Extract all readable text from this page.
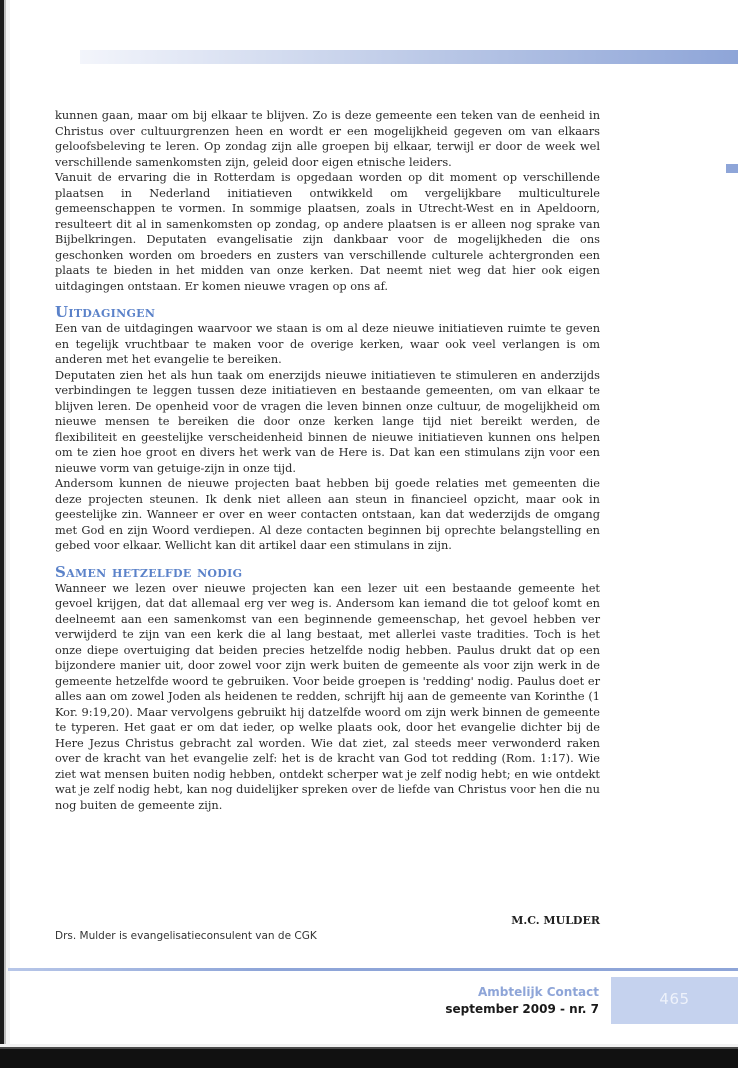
kunnen gaan, maar om bij elkaar te blijven. Zo is deze gemeente een teken van de eenheid in Christus over cultuurgrenzen heen en wordt er een mogelijkheid gegeven om van elkaars geloofsbeleving te leren. Op zondag zijn alle groepen bij elkaar, terwijl er door de week wel verschillende samenkomsten zijn, geleid door eigen etnische leiders.

Vanuit de ervaring die in Rotterdam is opgedaan worden op dit moment op verschillende plaatsen in Nederland initiatieven ontwikkeld om vergelijkbare multiculturele gemeenschappen te vormen. In sommige plaatsen, zoals in Utrecht-West en in Apeldoorn, resulteert dit al in samenkomsten op zondag, op andere plaatsen is er alleen nog sprake van Bijbelkringen. Deputaten evangelisatie zijn dankbaar voor de mogelijkheden die ons geschonken worden om broeders en zusters van verschillende culturele achtergronden een plaats te bieden in het midden van onze kerken. Dat neemt niet weg dat hier ook eigen uitdagingen ontstaan. Er komen nieuwe vragen op ons af.

Uitdagingen

Een van de uitdagingen waarvoor we staan is om al deze nieuwe initiatieven ruimte te geven en tegelijk vruchtbaar te maken voor de overige kerken, waar ook veel verlangen is om anderen met het evangelie te bereiken.

Deputaten zien het als hun taak om enerzijds nieuwe initiatieven te stimuleren en anderzijds verbindingen te leggen tussen deze initiatieven en bestaande gemeenten, om van elkaar te blijven leren. De openheid voor de vragen die leven binnen onze cultuur, de mogelijkheid om nieuwe mensen te bereiken die door onze kerken lange tijd niet bereikt werden, de flexibiliteit en geestelijke verscheidenheid binnen de nieuwe initiatieven kunnen ons helpen om te zien hoe groot en divers het werk van de Here is. Dat kan een stimulans zijn voor een nieuwe vorm van getuige-zijn in onze tijd.

Andersom kunnen de nieuwe projecten baat hebben bij goede relaties met gemeenten die deze projecten steunen. Ik denk niet alleen aan steun in financieel opzicht, maar ook in geestelijke zin. Wanneer er over en weer contacten ontstaan, kan dat wederzijds de omgang met God en zijn Woord verdiepen. Al deze contacten beginnen bij oprechte belangstelling en gebed voor elkaar. Wellicht kan dit artikel daar een stimulans in zijn.

Samen hetzelfde nodig

Wanneer we lezen over nieuwe projecten kan een lezer uit een bestaande gemeente het gevoel krijgen, dat dat allemaal erg ver weg is. Andersom kan iemand die tot geloof komt en deelneemt aan een samenkomst van een beginnende gemeenschap, het gevoel hebben ver verwijderd te zijn van een kerk die al lang bestaat, met allerlei vaste tradities. Toch is het onze diepe overtuiging dat beiden precies hetzelfde nodig hebben. Paulus drukt dat op een bijzondere manier uit, door zowel voor zijn werk buiten de gemeente als voor zijn werk in de gemeente hetzelfde woord te gebruiken. Voor beide groepen is 'redding' nodig. Paulus doet er alles aan om zowel Joden als heidenen te redden, schrijft hij aan de gemeente van Korinthe (1 Kor. 9:19,20). Maar vervolgens gebruikt hij datzelfde woord om zijn werk binnen de gemeente te typeren. Het gaat er om dat ieder, op welke plaats ook, door het evangelie dichter bij de Here Jezus Christus gebracht zal worden. Wie dat ziet, zal steeds meer verwonderd raken over de kracht van het evangelie zelf: het is de kracht van God tot redding (Rom. 1:17). Wie ziet wat mensen buiten nodig hebben, ontdekt scherper wat je zelf nodig hebt; en wie ontdekt wat je zelf nodig hebt, kan nog duidelijker spreken over de liefde van Christus voor hen die nu nog buiten de gemeente zijn.

M.C. MULDER
Drs. Mulder is evangelisatieconsulent van de CGK
Ambtelijk Contact
september 2009 - nr. 7
465
